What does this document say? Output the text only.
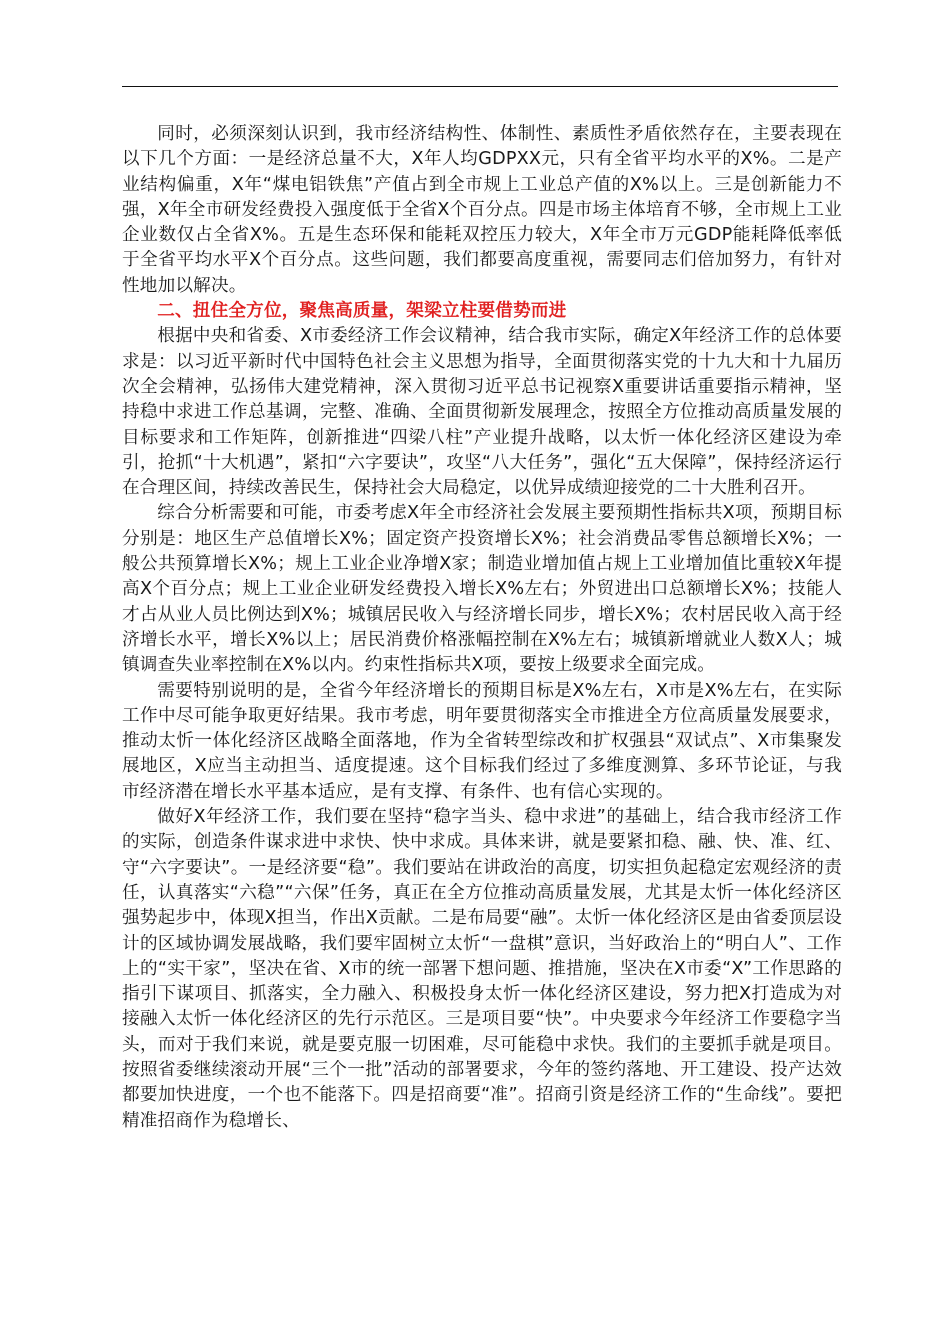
同时，必须深刻认识到，我市经济结构性、体制性、素质性矛盾依然存在，主要表现在以下几个方面：一是经济总量不大，X年人均GDPXX元，只有全省平均水平的X%。二是产业结构偏重，X年“煤电铝铁焦”产值占到全市规上工业总产值的X%以上。三是创新能力不强，X年全市研发经费投入强度低于全省X个百分点。四是市场主体培育不够，全市规上工业企业数仅占全省X%。五是生态环保和能耗双控压力较大，X年全市万元GDP能耗降低率低于全省平均水平X个百分点。这些问题，我们都要高度重视，需要同志们倍加努力，有针对性地加以解决。

二、扭住全方位，聚焦高质量，架梁立柱要借势而进

根据中央和省委、X市委经济工作会议精神，结合我市实际，确定X年经济工作的总体要求是：以习近平新时代中国特色社会主义思想为指导，全面贯彻落实党的十九大和十九届历次全会精神，弘扬伟大建党精神，深入贯彻习近平总书记视察X重要讲话重要指示精神，坚持稳中求进工作总基调，完整、准确、全面贯彻新发展理念，按照全方位推动高质量发展的目标要求和工作矩阵，创新推进“四梁八柱”产业提升战略，以太忻一体化经济区建设为牵引，抢抓“十大机遇”，紧扣“六字要诀”，攻坚“八大任务”，强化“五大保障”，保持经济运行在合理区间，持续改善民生，保持社会大局稳定，以优异成绩迎接党的二十大胜利召开。

综合分析需要和可能，市委考虑X年全市经济社会发展主要预期性指标共X项，预期目标分别是：地区生产总值增长X%；固定资产投资增长X%；社会消费品零售总额增长X%；一般公共预算增长X%；规上工业企业净增X家；制造业增加值占规上工业增加值比重较X年提高X个百分点；规上工业企业研发经费投入增长X%左右；外贸进出口总额增长X%；技能人才占从业人员比例达到X%；城镇居民收入与经济增长同步，增长X%；农村居民收入高于经济增长水平，增长X%以上；居民消费价格涨幅控制在X%左右；城镇新增就业人数X人；城镇调查失业率控制在X%以内。约束性指标共X项，要按上级要求全面完成。

需要特别说明的是，全省今年经济增长的预期目标是X%左右，X市是X%左右，在实际工作中尽可能争取更好结果。我市考虑，明年要贯彻落实全市推进全方位高质量发展要求，推动太忻一体化经济区战略全面落地，作为全省转型综改和扩权强县“双试点”、X市集聚发展地区，X应当主动担当、适度提速。这个目标我们经过了多维度测算、多环节论证，与我市经济潜在增长水平基本适应，是有支撑、有条件、也有信心实现的。

做好X年经济工作，我们要在坚持“稳字当头、稳中求进”的基础上，结合我市经济工作的实际，创造条件谋求进中求快、快中求成。具体来讲，就是要紧扣稳、融、快、准、红、守“六字要诀”。一是经济要“稳”。我们要站在讲政治的高度，切实担负起稳定宏观经济的责任，认真落实“六稳”“六保”任务，真正在全方位推动高质量发展，尤其是太忻一体化经济区强势起步中，体现X担当，作出X贡献。二是布局要“融”。太忻一体化经济区是由省委顶层设计的区域协调发展战略，我们要牢固树立太忻“一盘棋”意识，当好政治上的“明白人”、工作上的“实干家”，坚决在省、X市的统一部署下想问题、推措施，坚决在X市委“X”工作思路的指引下谋项目、抓落实，全力融入、积极投身太忻一体化经济区建设，努力把X打造成为对接融入太忻一体化经济区的先行示范区。三是项目要“快”。中央要求今年经济工作要稳字当头，而对于我们来说，就是要克服一切困难，尽可能稳中求快。我们的主要抓手就是项目。按照省委继续滚动开展“三个一批”活动的部署要求，今年的签约落地、开工建设、投产达效都要加快进度，一个也不能落下。四是招商要“准”。招商引资是经济工作的“生命线”。要把精准招商作为稳增长、
